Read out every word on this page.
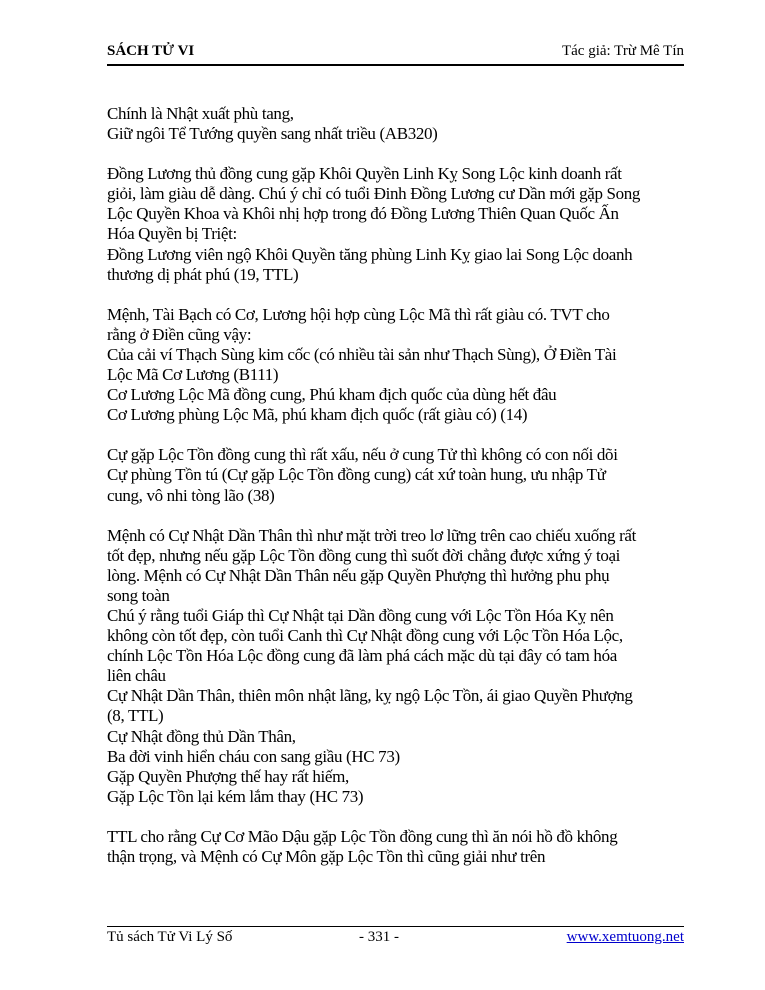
SÁCH TỬ VI	Tác giả: Trừ Mê Tín
Chính là Nhật xuất phù tang,
Giữ ngôi Tể Tướng quyền sang nhất triều (AB320)
Đồng Lương thủ đồng cung gặp Khôi Quyền Linh Kỵ Song Lộc kinh doanh rất
giỏi, làm giàu dễ dàng. Chú ý chỉ có tuổi Đinh Đồng Lương cư Dần mới gặp Song
Lộc Quyền Khoa và Khôi nhị hợp trong đó Đồng Lương Thiên Quan Quốc Ấn
Hóa Quyền bị Triệt:
Đồng Lương viên ngộ Khôi Quyền tăng phùng Linh Kỵ giao lai Song Lộc doanh
thương dị phát phú (19, TTL)
Mệnh, Tài Bạch có Cơ, Lương hội hợp cùng Lộc Mã thì rất giàu có. TVT cho
rằng ở Điền cũng vậy:
Của cải ví Thạch Sùng kim cốc (có nhiều tài sản như Thạch Sùng), Ở Điền Tài
Lộc Mã Cơ Lương (B111)
Cơ Lương Lộc Mã đồng cung, Phú kham địch quốc của dùng hết đâu
Cơ Lương phùng Lộc Mã, phú kham địch quốc (rất giàu có) (14)
Cự gặp Lộc Tồn đồng cung thì rất xấu, nếu ở cung Tử thì không có con nối dõi
Cự phùng Tồn tú (Cự gặp Lộc Tồn đồng cung) cát xứ toàn hung, ưu nhập Tử
cung, vô nhi tòng lão (38)
Mệnh có Cự Nhật Dần Thân thì như mặt trời treo lơ lững trên cao chiếu xuống rất
tốt đẹp, nhưng nếu gặp Lộc Tồn đồng cung thì suốt đời chẳng được xứng ý toại
lòng. Mệnh có Cự Nhật Dần Thân nếu gặp Quyền Phượng thì hưởng phu phụ
song toàn
Chú ý rằng tuổi Giáp thì Cự Nhật tại Dần đồng cung với Lộc Tồn Hóa Kỵ nên
không còn tốt đẹp, còn tuổi Canh thì Cự Nhật đồng cung với Lộc Tồn Hóa Lộc,
chính Lộc Tồn Hóa Lộc đồng cung đã làm phá cách mặc dù tại đây có tam hóa
liên châu
Cự Nhật Dần Thân, thiên môn nhật lãng, kỵ ngộ Lộc Tồn, ái giao Quyền Phượng
(8, TTL)
Cự Nhật đồng thủ Dần Thân,
Ba đời vinh hiển cháu con sang giầu (HC 73)
Gặp Quyền Phượng thế hay rất hiếm,
Gặp Lộc Tồn lại kém lắm thay (HC 73)
TTL cho rằng Cự Cơ Mão Dậu gặp Lộc Tồn đồng cung thì ăn nói hồ đồ không
thận trọng, và Mệnh có Cự Môn gặp Lộc Tồn thì cũng giải như trên
Tủ sách Tử Vi Lý Số	- 331 -	www.xemtuong.net
